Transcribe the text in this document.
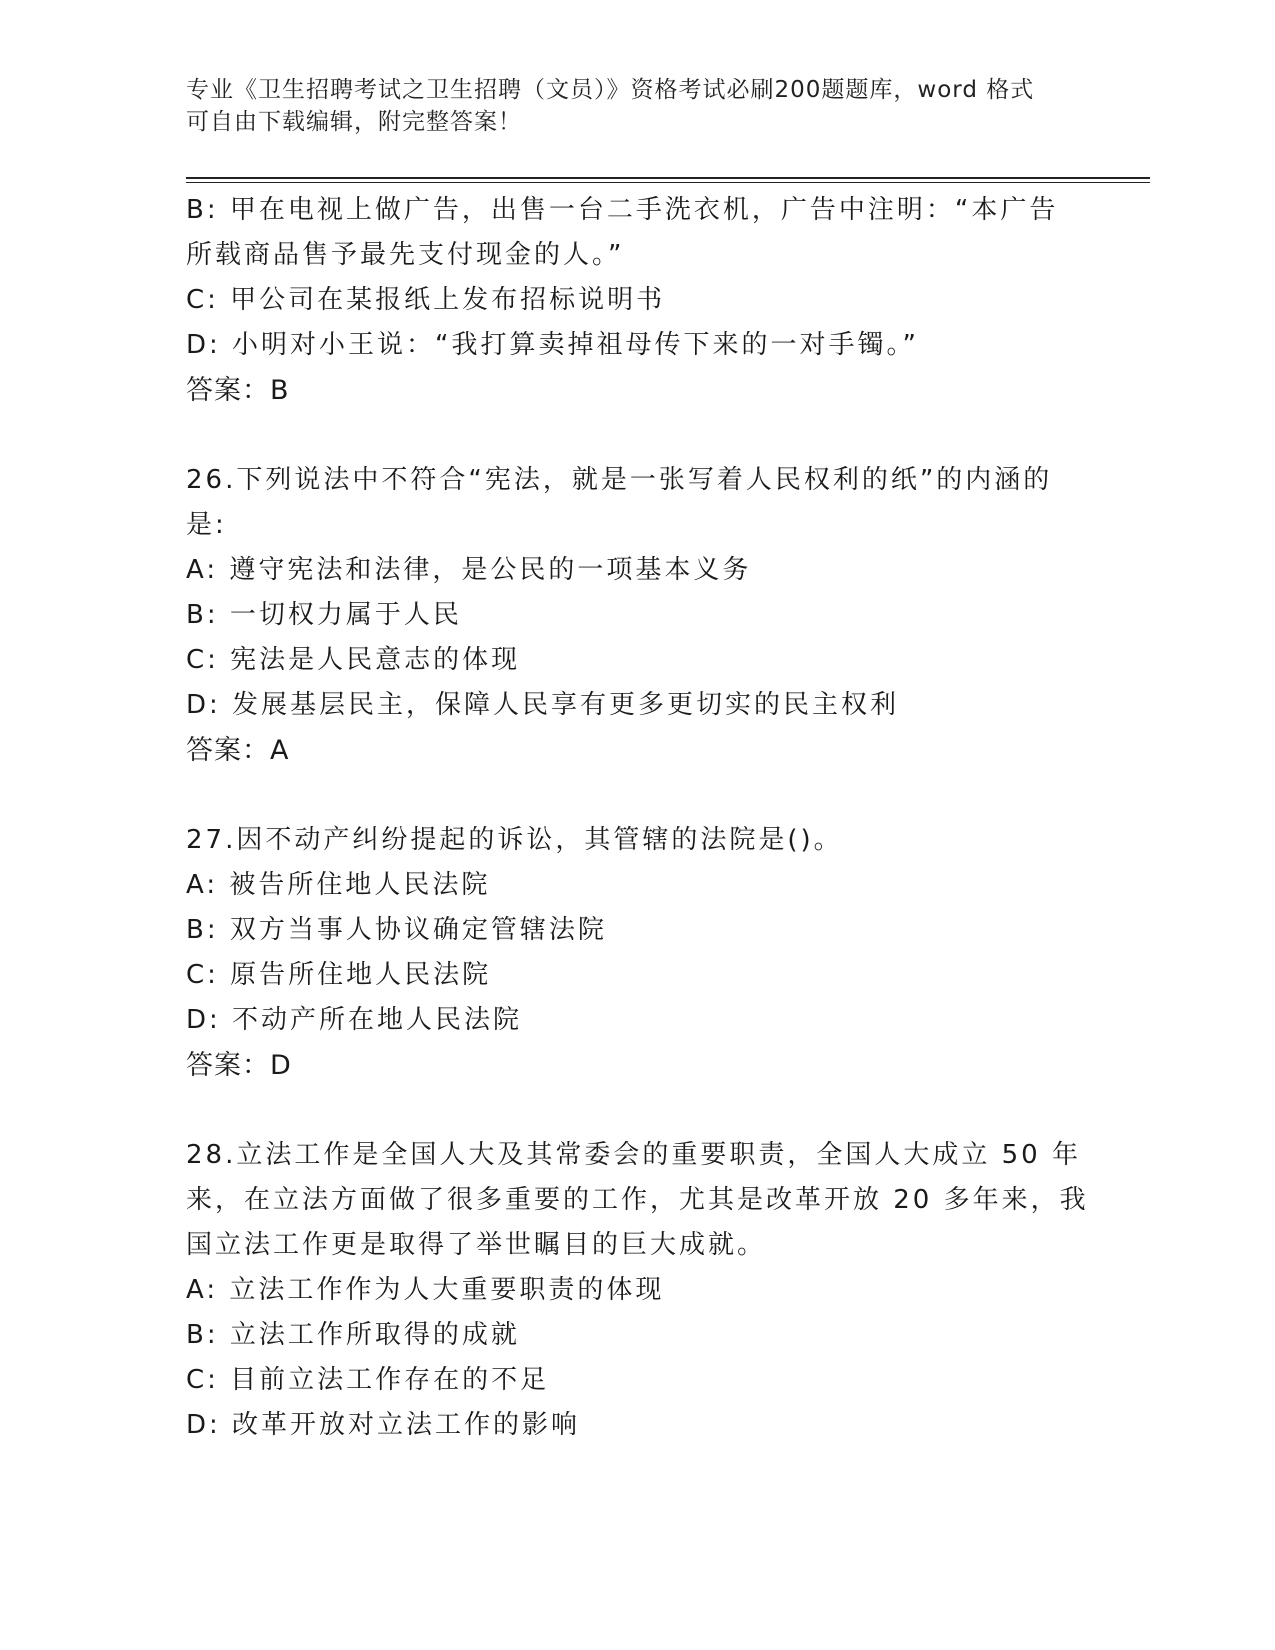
专业《卫生招聘考试之卫生招聘（文员）》资格考试必刷200题题库，word 格式
可自由下载编辑，附完整答案！
B: 甲在电视上做广告，出售一台二手洗衣机，广告中注明：“本广告
所载商品售予最先支付现金的人。”
C: 甲公司在某报纸上发布招标说明书
D: 小明对小王说：“我打算卖掉祖母传下来的一对手镯。”
答案：B
26.下列说法中不符合“宪法，就是一张写着人民权利的纸”的内涵的
是:
A: 遵守宪法和法律，是公民的一项基本义务
B: 一切权力属于人民
C: 宪法是人民意志的体现
D: 发展基层民主，保障人民享有更多更切实的民主权利
答案：A
27.因不动产纠纷提起的诉讼，其管辖的法院是()。
A: 被告所住地人民法院
B: 双方当事人协议确定管辖法院
C: 原告所住地人民法院
D: 不动产所在地人民法院
答案：D
28.立法工作是全国人大及其常委会的重要职责，全国人大成立 50 年
来，在立法方面做了很多重要的工作，尤其是改革开放 20 多年来，我
国立法工作更是取得了举世瞩目的巨大成就。
A: 立法工作作为人大重要职责的体现
B: 立法工作所取得的成就
C: 目前立法工作存在的不足
D: 改革开放对立法工作的影响
